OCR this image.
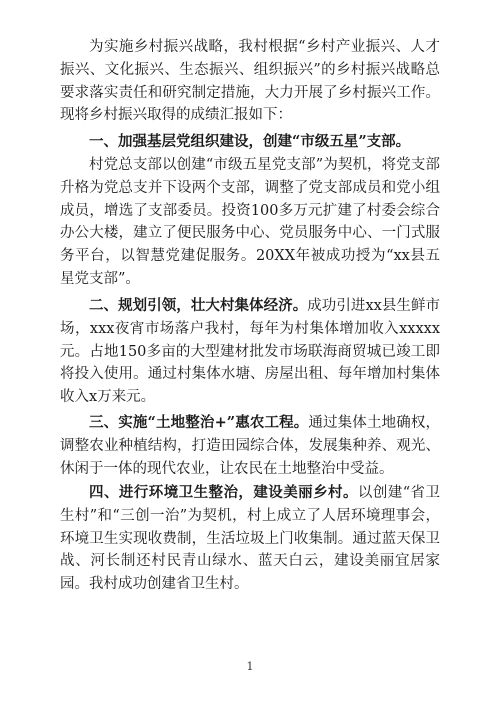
为实施乡村振兴战略，我村根据“乡村产业振兴、人才振兴、文化振兴、生态振兴、组织振兴”的乡村振兴战略总要求落实责任和研究制定措施，大力开展了乡村振兴工作。现将乡村振兴取得的成绩汇报如下：

一、加强基层党组织建设，创建“市级五星”支部。

村党总支部以创建“市级五星党支部”为契机，将党支部升格为党总支并下设两个支部，调整了党支部成员和党小组成员，增选了支部委员。投资100多万元扩建了村委会综合办公大楼，建立了便民服务中心、党员服务中心、一门式服务平台，以智慧党建促服务。20XX年被成功授为“xx县五星党支部”。

二、规划引领，壮大村集体经济。成功引进xx县生鲜市场，xxx夜宵市场落户我村，每年为村集体增加收入xxxxx元。占地150多亩的大型建材批发市场联海商贸城已竣工即将投入使用。通过村集体水塘、房屋出租、每年增加村集体收入x万来元。

三、实施“土地整治+”惠农工程。通过集体土地确权，调整农业种植结构，打造田园综合体，发展集种养、观光、休闲于一体的现代农业，让农民在土地整治中受益。

四、进行环境卫生整治，建设美丽乡村。以创建“省卫生村”和“三创一治”为契机，村上成立了人居环境理事会，环境卫生实现收费制，生活垃圾上门收集制。通过蓝天保卫战、河长制还村民青山绿水、蓝天白云，建设美丽宜居家园。我村成功创建省卫生村。

1
